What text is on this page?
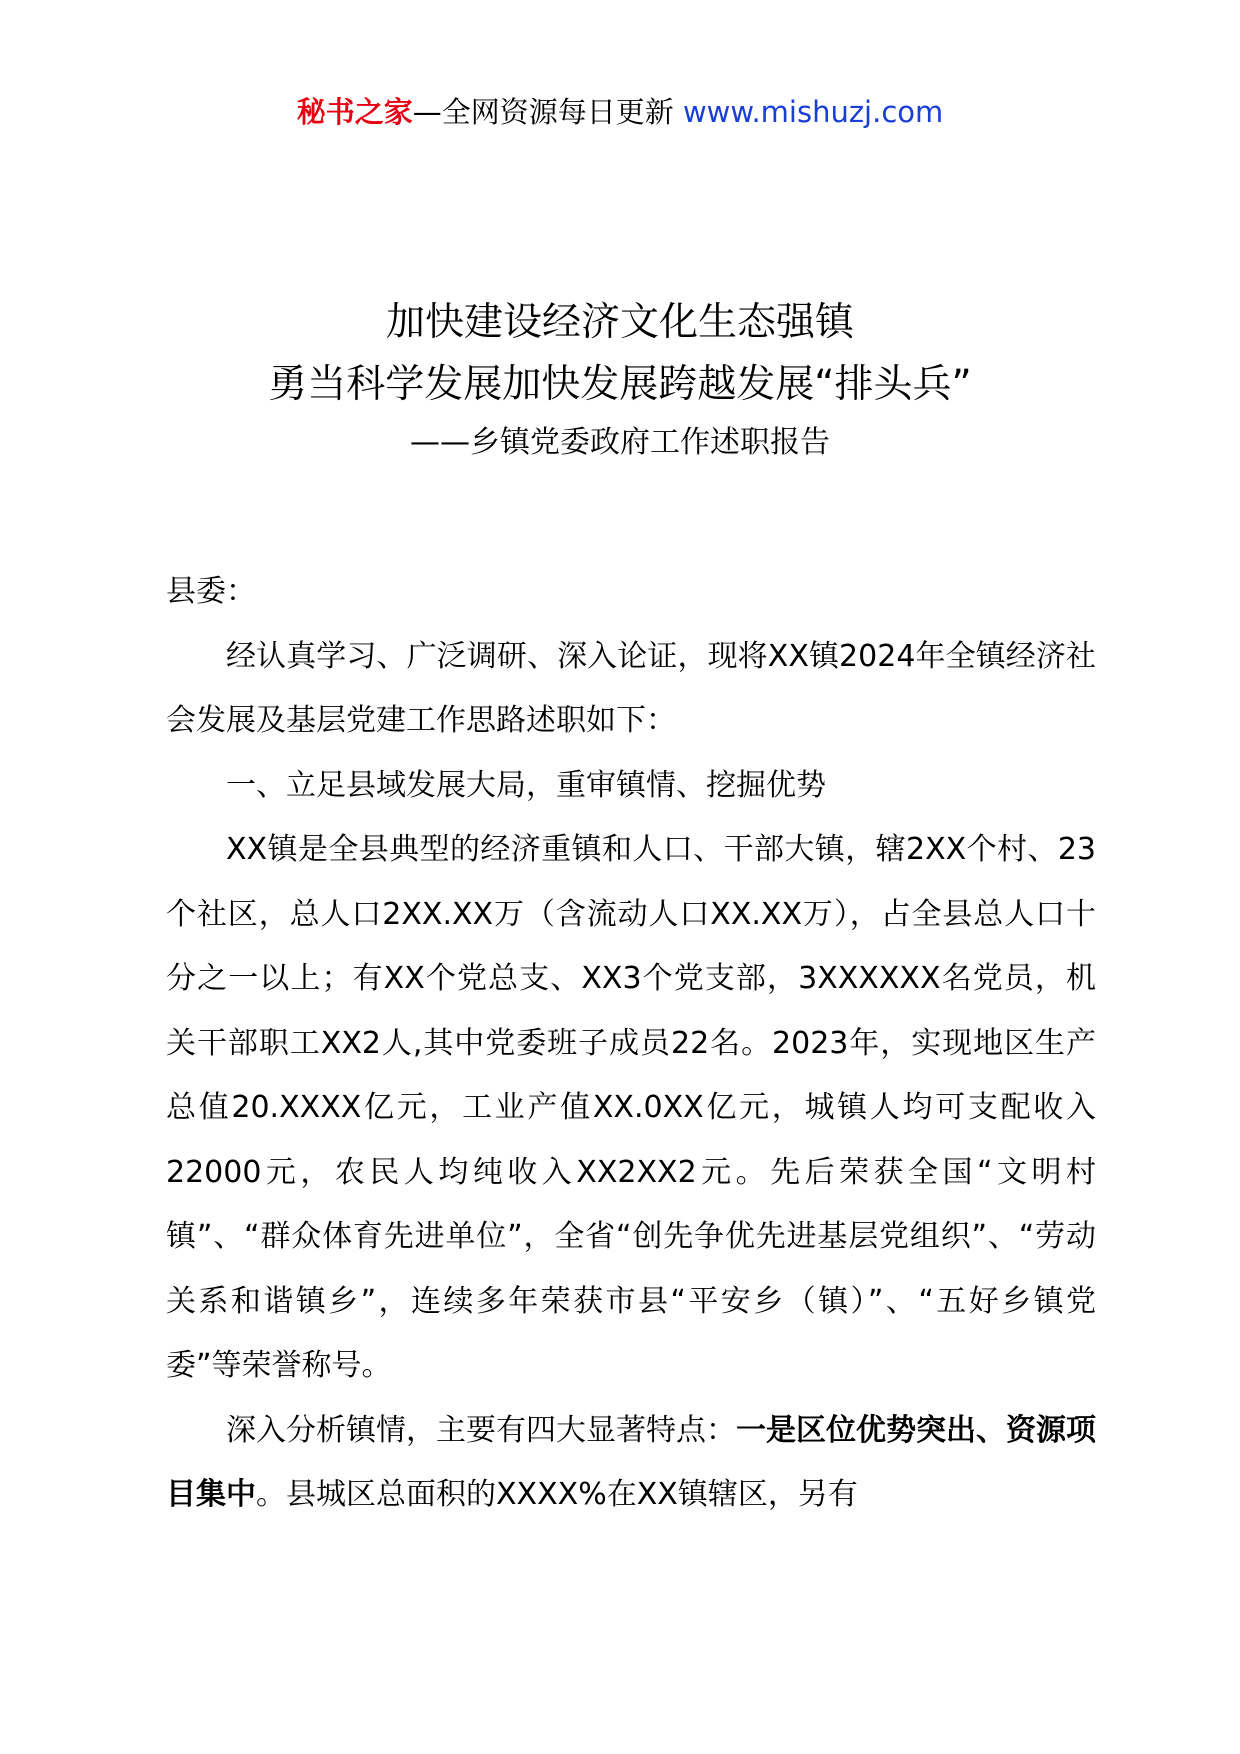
秘书之家—全网资源每日更新 www.mishuzj.com
加快建设经济文化生态强镇
勇当科学发展加快发展跨越发展“排头兵”
——乡镇党委政府工作述职报告

县委：

经认真学习、广泛调研、深入论证，现将XX镇2024年全镇经济社会发展及基层党建工作思路述职如下：

一、立足县域发展大局，重审镇情、挖掘优势

XX镇是全县典型的经济重镇和人口、干部大镇，辖2XX个村、23个社区，总人口2XX.XX万（含流动人口XX.XX万），占全县总人口十分之一以上；有XX个党总支、XX3个党支部，3XXXXXX名党员，机关干部职工XX2人,其中党委班子成员22名。2023年，实现地区生产总值20.XXXX亿元，工业产值XX.0XX亿元，城镇人均可支配收入22000元，农民人均纯收入XX2XX2元。先后荣获全国“文明村镇”、“群众体育先进单位”，全省“创先争优先进基层党组织”、“劳动关系和谐镇乡”，连续多年荣获市县“平安乡（镇）”、“五好乡镇党委”等荣誉称号。

深入分析镇情，主要有四大显著特点：一是区位优势突出、资源项目集中。县城区总面积的XXXX%在XX镇辖区，另有
